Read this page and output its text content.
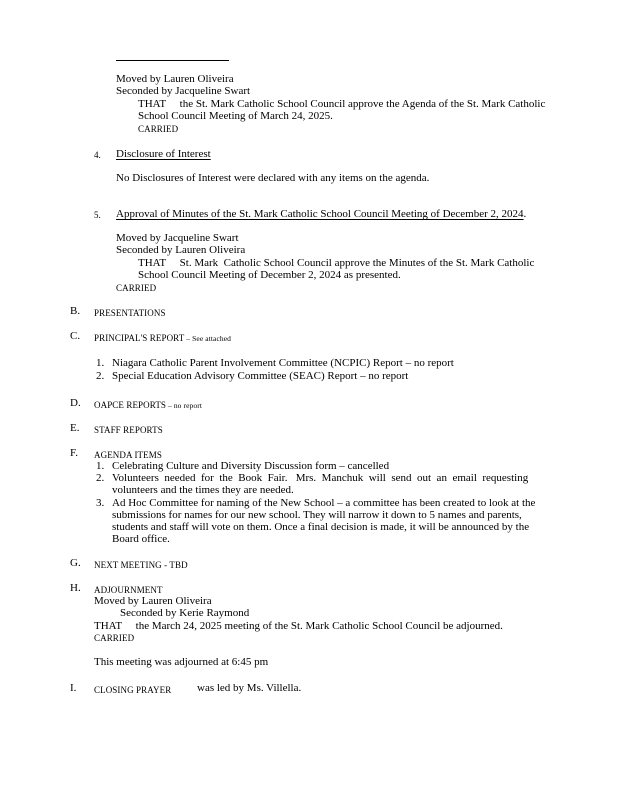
Moved by Lauren Oliveira
Seconded by Jacqueline Swart
THAT     the St. Mark Catholic School Council approve the Agenda of the St. Mark Catholic
School Council Meeting of March 24, 2025.
CARRIED
4. Disclosure of Interest
No Disclosures of Interest were declared with any items on the agenda.
5. Approval of Minutes of the St. Mark Catholic School Council Meeting of December 2, 2024.
Moved by Jacqueline Swart
Seconded by Lauren Oliveira
THAT     St. Mark  Catholic School Council approve the Minutes of the St. Mark Catholic
School Council Meeting of December 2, 2024 as presented.
CARRIED
B. PRESENTATIONS
C. PRINCIPAL'S REPORT – See attached
1. Niagara Catholic Parent Involvement Committee (NCPIC) Report – no report
2. Special Education Advisory Committee (SEAC) Report – no report
D. OAPCE REPORTS – no report
E. STAFF REPORTS
F. AGENDA ITEMS
1. Celebrating Culture and Diversity Discussion form – cancelled
2. Volunteers  needed  for  the  Book  Fair.   Mrs.  Manchuk  will  send  out  an  email  requesting
volunteers and the times they are needed.
3. Ad Hoc Committee for naming of the New School – a committee has been created to look at the
submissions for names for our new school. They will narrow it down to 5 names and parents,
students and staff will vote on them. Once a final decision is made, it will be announced by the
Board office.
G. NEXT MEETING - TBD
H. ADJOURNMENT
Moved by Lauren Oliveira
Seconded by Kerie Raymond
THAT     the March 24, 2025 meeting of the St. Mark Catholic School Council be adjourned.
CARRIED
This meeting was adjourned at 6:45 pm
I. CLOSING PRAYER was led by Ms. Villella.
